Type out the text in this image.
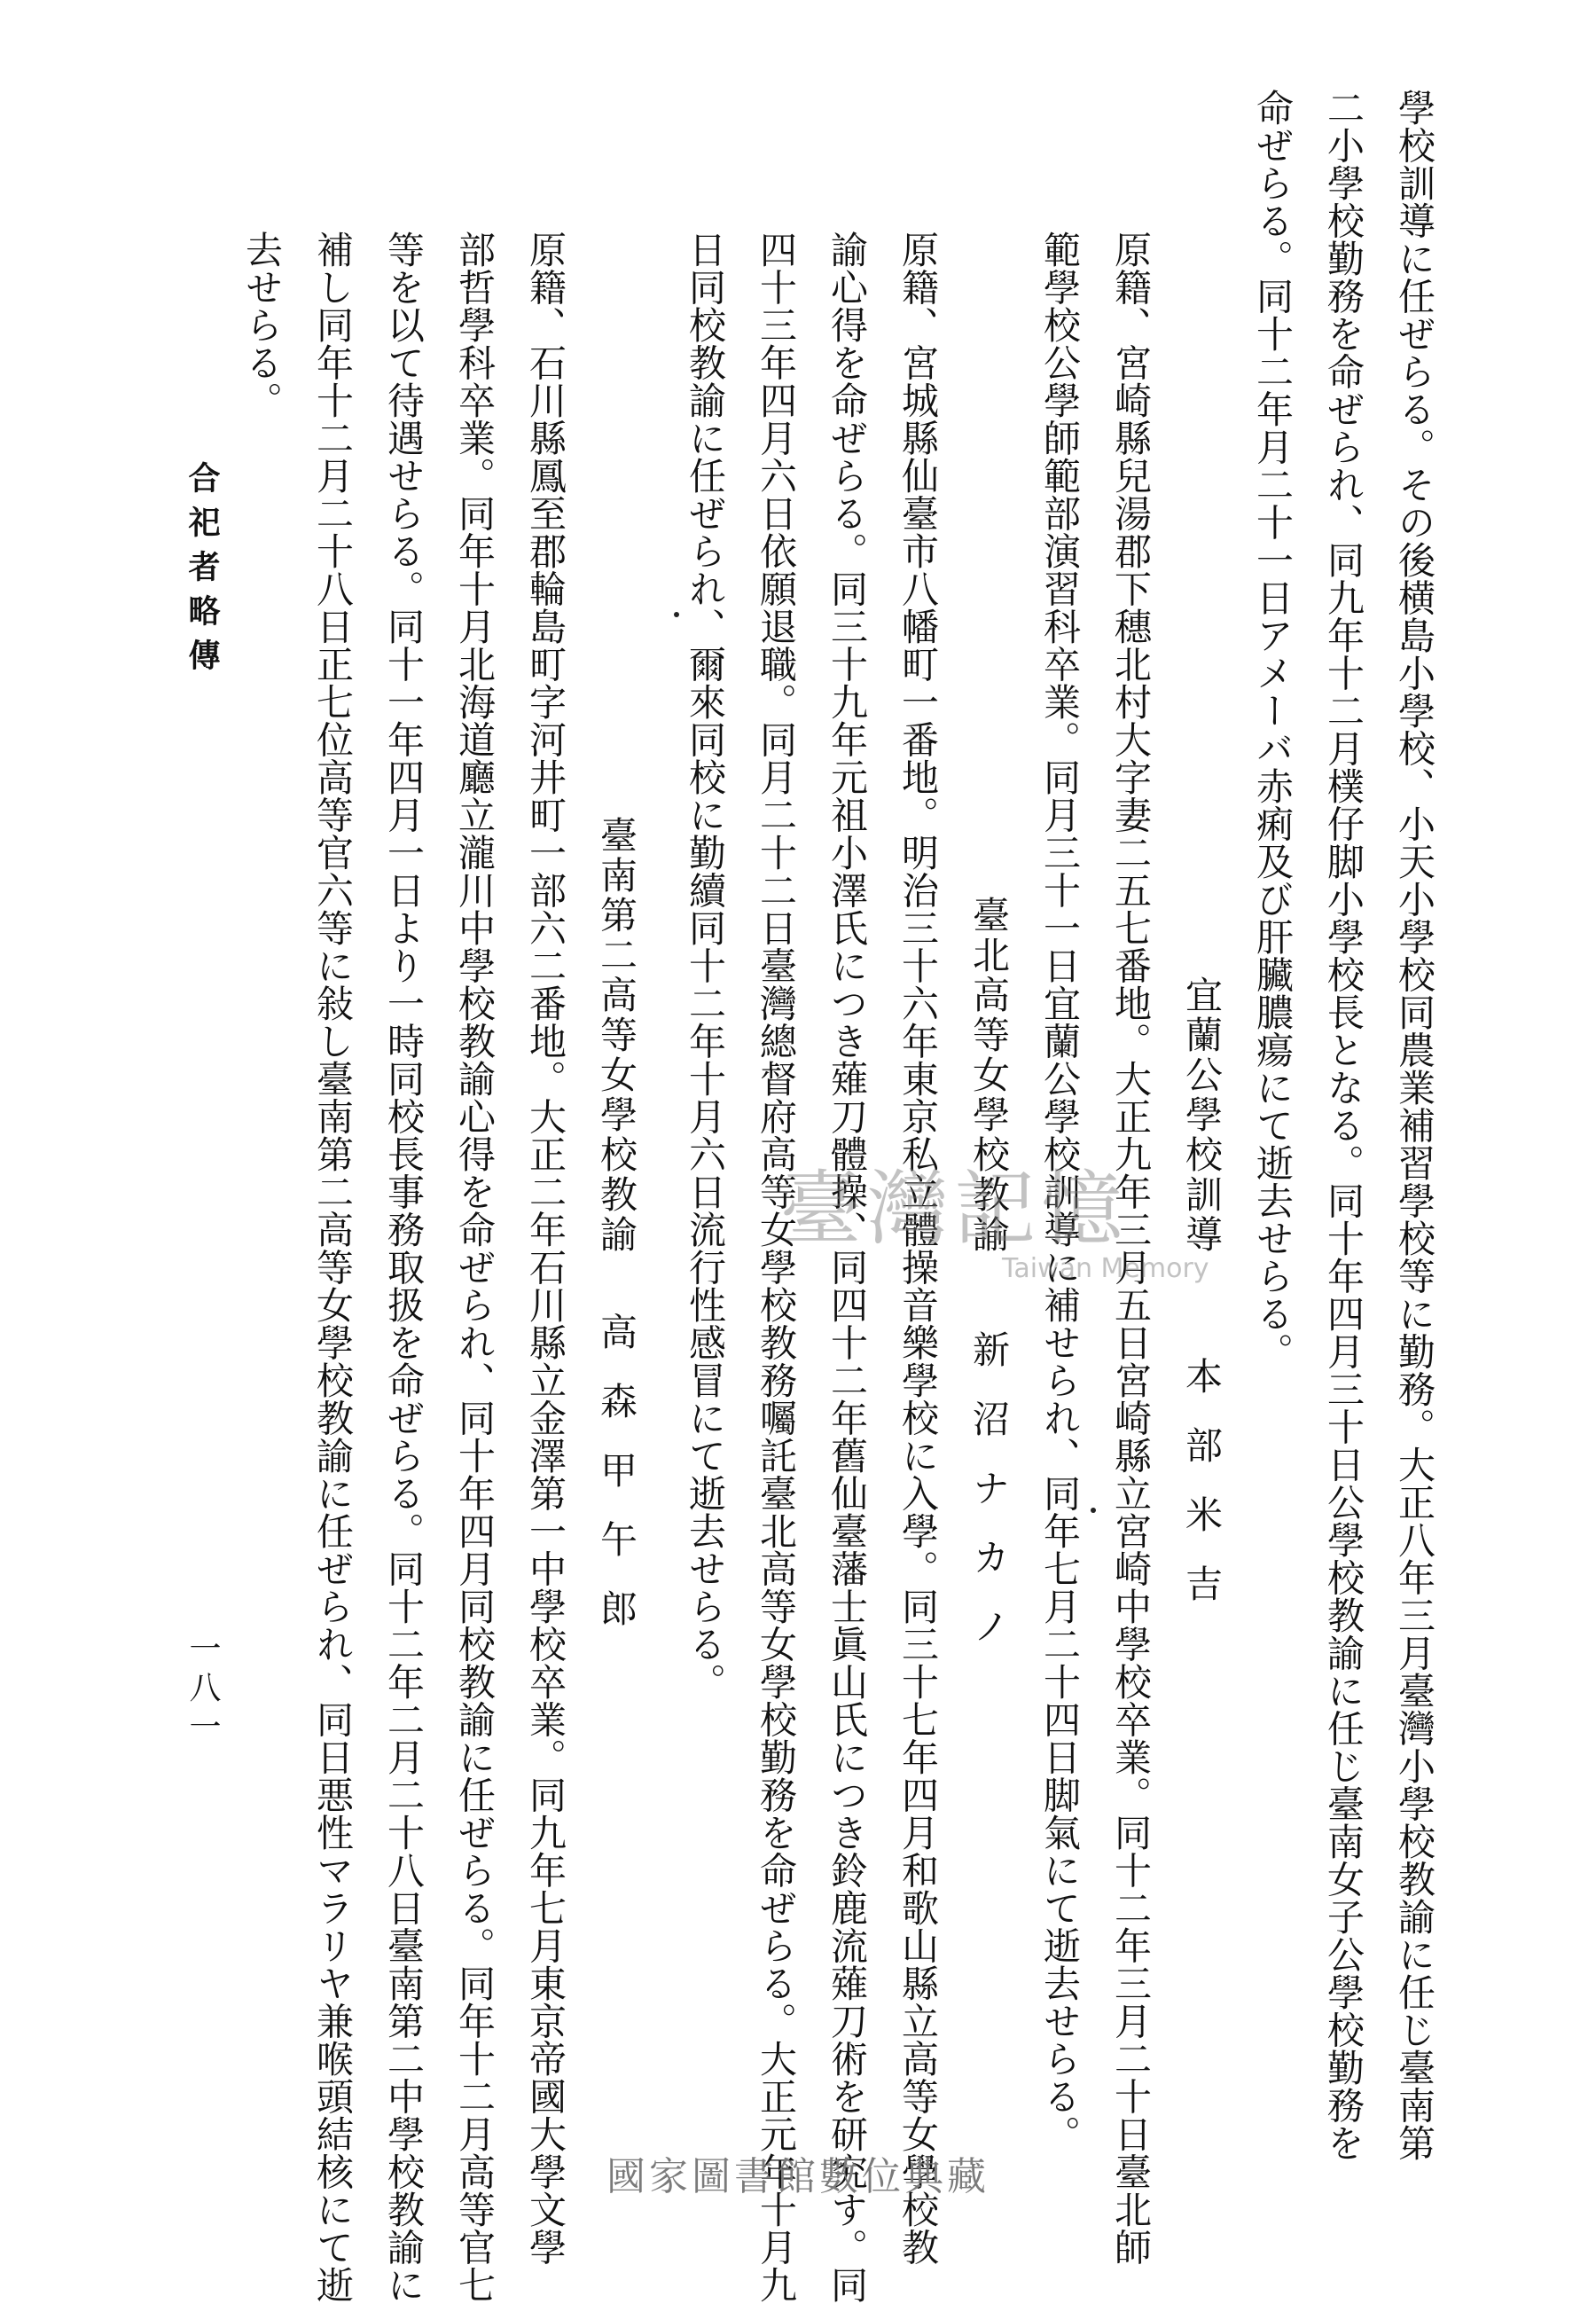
學校訓導に任ぜらる。その後横島小學校、小天小學校同農業補習學校等に勤務。大正八年三月臺灣小學校教諭に任じ臺南第
二小學校勤務を命ぜられ、同九年十二月樸仔脚小學校長となる。同十年四月三十日公學校教諭に任じ臺南女子公學校勤務を
命ぜらる。同十二年月二十一日アメーバ赤痢及び肝臟膿瘍にて逝去せらる。
宜蘭公學校訓導
本部米吉
原籍、宮崎縣兒湯郡下穗北村大字妻二五七番地。大正九年三月五日宮崎縣立宮崎中學校卒業。同十二年三月二十日臺北師
範學校公學師範部演習科卒業。同月三十一日宜蘭公學校訓導に補せられ、同年七月二十四日脚氣にて逝去せらる。
臺北高等女學校教諭
新沼ナカノ
原籍、宮城縣仙臺市八幡町一番地。明治三十六年東京私立體操音樂學校に入學。同三十七年四月和歌山縣立高等女學校教
諭心得を命ぜらる。同三十九年元祖小澤氏につき薙刀體操、同四十二年舊仙臺藩士眞山氏につき鈴鹿流薙刀術を研究す。同
四十三年四月六日依願退職。同月二十二日臺灣總督府高等女學校教務囑託臺北高等女學校勤務を命ぜらる。大正元年十月九
日同校教諭に任ぜられ、爾來同校に勤續同十二年十月六日流行性感冒にて逝去せらる。
臺南第二高等女學校教諭
高森甲午郎
原籍、石川縣鳳至郡輪島町字河井町一部六二番地。大正二年石川縣立金澤第一中學校卒業。同九年七月東京帝國大學文學
部哲學科卒業。同年十月北海道廳立瀧川中學校教諭心得を命ぜられ、同十年四月同校教諭に任ぜらる。同年十二月高等官七
等を以て待遇せらる。同十一年四月一日より一時同校長事務取扱を命ぜらる。同十二年二月二十八日臺南第二中學校教諭に
補し同年十二月二十八日正七位高等官六等に敍し臺南第二高等女學校教諭に任ぜられ、同日悪性マラリヤ兼喉頭結核にて逝
去せらる。
合祀者略傳
一八一
臺灣記憶
Taiwan Memory
國家圖書館數位典藏
